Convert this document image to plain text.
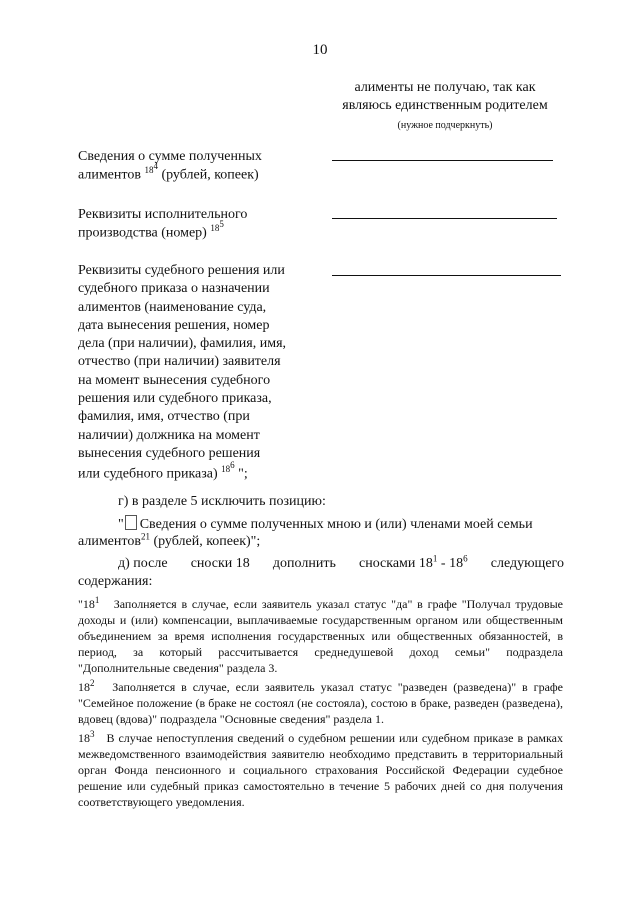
10
алименты не получаю, так как
являюсь единственным родителем
(нужное подчеркнуть)
Сведения о сумме полученных
алиментов $^{18^4}$ (рублей, копеек)
Реквизиты исполнительного
производства (номер) $^{18^5}$
Реквизиты судебного решения или
судебного приказа о назначении
алиментов (наименование суда,
дата вынесения решения, номер
дела (при наличии), фамилия, имя,
отчество (при наличии) заявителя
на момент вынесения судебного
решения или судебного приказа,
фамилия, имя, отчество (при
наличии) должника на момент
вынесения судебного решения
или судебного приказа) $^{18^6}$ ";
г) в разделе 5 исключить позицию:
" Сведения о сумме полученных мною и (или) членами моей семьи
алиментов$^{21}$ (рублей, копеек)";
д) после сноски 18 дополнить сносками $18^1 - 18^6$ следующего
содержания:
"$18^1$ Заполняется в случае, если заявитель указал статус "да" в графе "Получал трудовые доходы и (или) компенсации, выплачиваемые государственным органом или общественным объединением за время исполнения государственных или общественных обязанностей, в период, за который рассчитывается среднедушевой доход семьи" подраздела "Дополнительные сведения" раздела 3.
$18^2$ Заполняется в случае, если заявитель указал статус "разведен (разведена)" в графе "Семейное положение (в браке не состоял (не состояла), состою в браке, разведен (разведена), вдовец (вдова)" подраздела "Основные сведения" раздела 1.
$18^3$ В случае непоступления сведений о судебном решении или судебном приказе в рамках межведомственного взаимодействия заявителю необходимо представить в территориальный орган Фонда пенсионного и социального страхования Российской Федерации судебное решение или судебный приказ самостоятельно в течение 5 рабочих дней со дня получения соответствующего уведомления.
